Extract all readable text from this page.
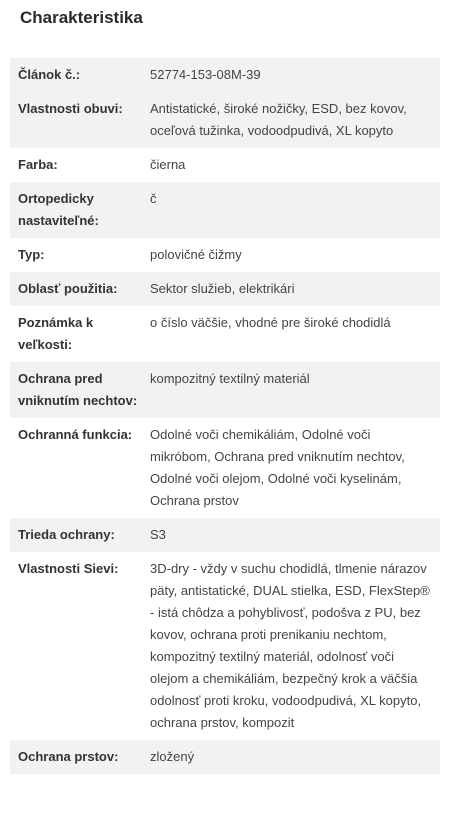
Charakteristika
Článok č.:	52774-153-08M-39
Vlastnosti obuvi:	Antistatické, široké nožičky, ESD, bez kovov, oceľová tužinka, vodoodpudivá, XL kopyto
Farba:	čierna
Ortopedicky nastaviteľné:
č
Typ:	polovičné čižmy
Oblasť použitia:	Sektor služieb, elektrikári
Poznámka k veľkosti:
o číslo väčšie, vhodné pre široké chodidlá
Ochrana pred vniknutím nechtov:
kompozitný textilný materiál
Ochranná funkcia:	Odolné voči chemikáliám, Odolné voči mikróbom, Ochrana pred vniknutím nechtov, Odolné voči olejom, Odolné voči kyselinám, Ochrana prstov
Trieda ochrany:	S3
Vlastnosti Sievi:	3D-dry - vždy v suchu chodidlá, tlmenie nárazov päty, antistatické, DUAL stielka, ESD, FlexStep® - istá chôdza a pohyblivosť, podošva z PU, bez kovov, ochrana proti prenikaniu nechtom, kompozitný textilný materiál, odolnosť voči olejom a chemikáliám, bezpečný krok a väčšia odolnosť proti kroku, vodoodpudivá, XL kopyto, ochrana prstov, kompozit
Ochrana prstov:	zložený
